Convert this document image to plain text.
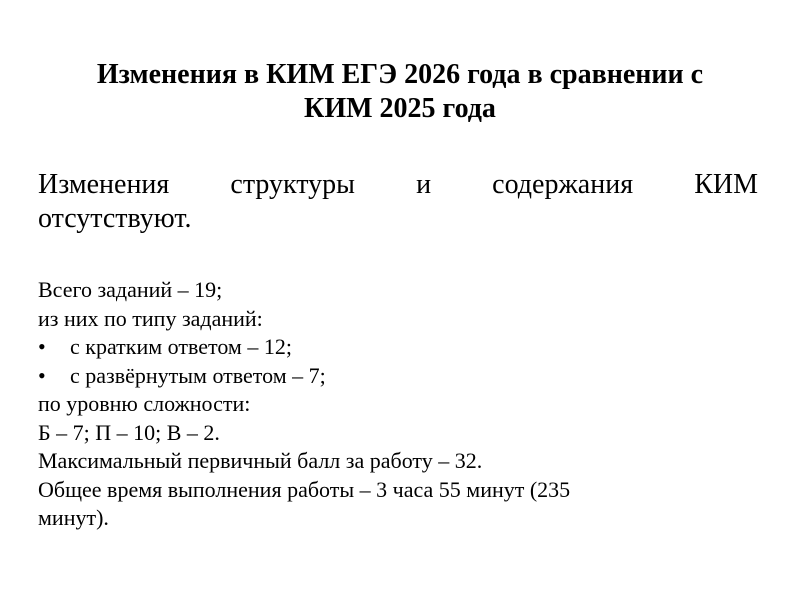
Изменения в КИМ ЕГЭ 2026 года в сравнении с
КИМ 2025 года
Изменения структуры и содержания КИМ
отсутствуют.
Всего заданий – 19;
из них по типу заданий:
• с кратким ответом – 12;
• с развёрнутым ответом – 7;
по уровню сложности:
Б – 7; П – 10; В – 2.
Максимальный первичный балл за работу – 32.
Общее время выполнения работы – 3 часа 55 минут (235
минут).
